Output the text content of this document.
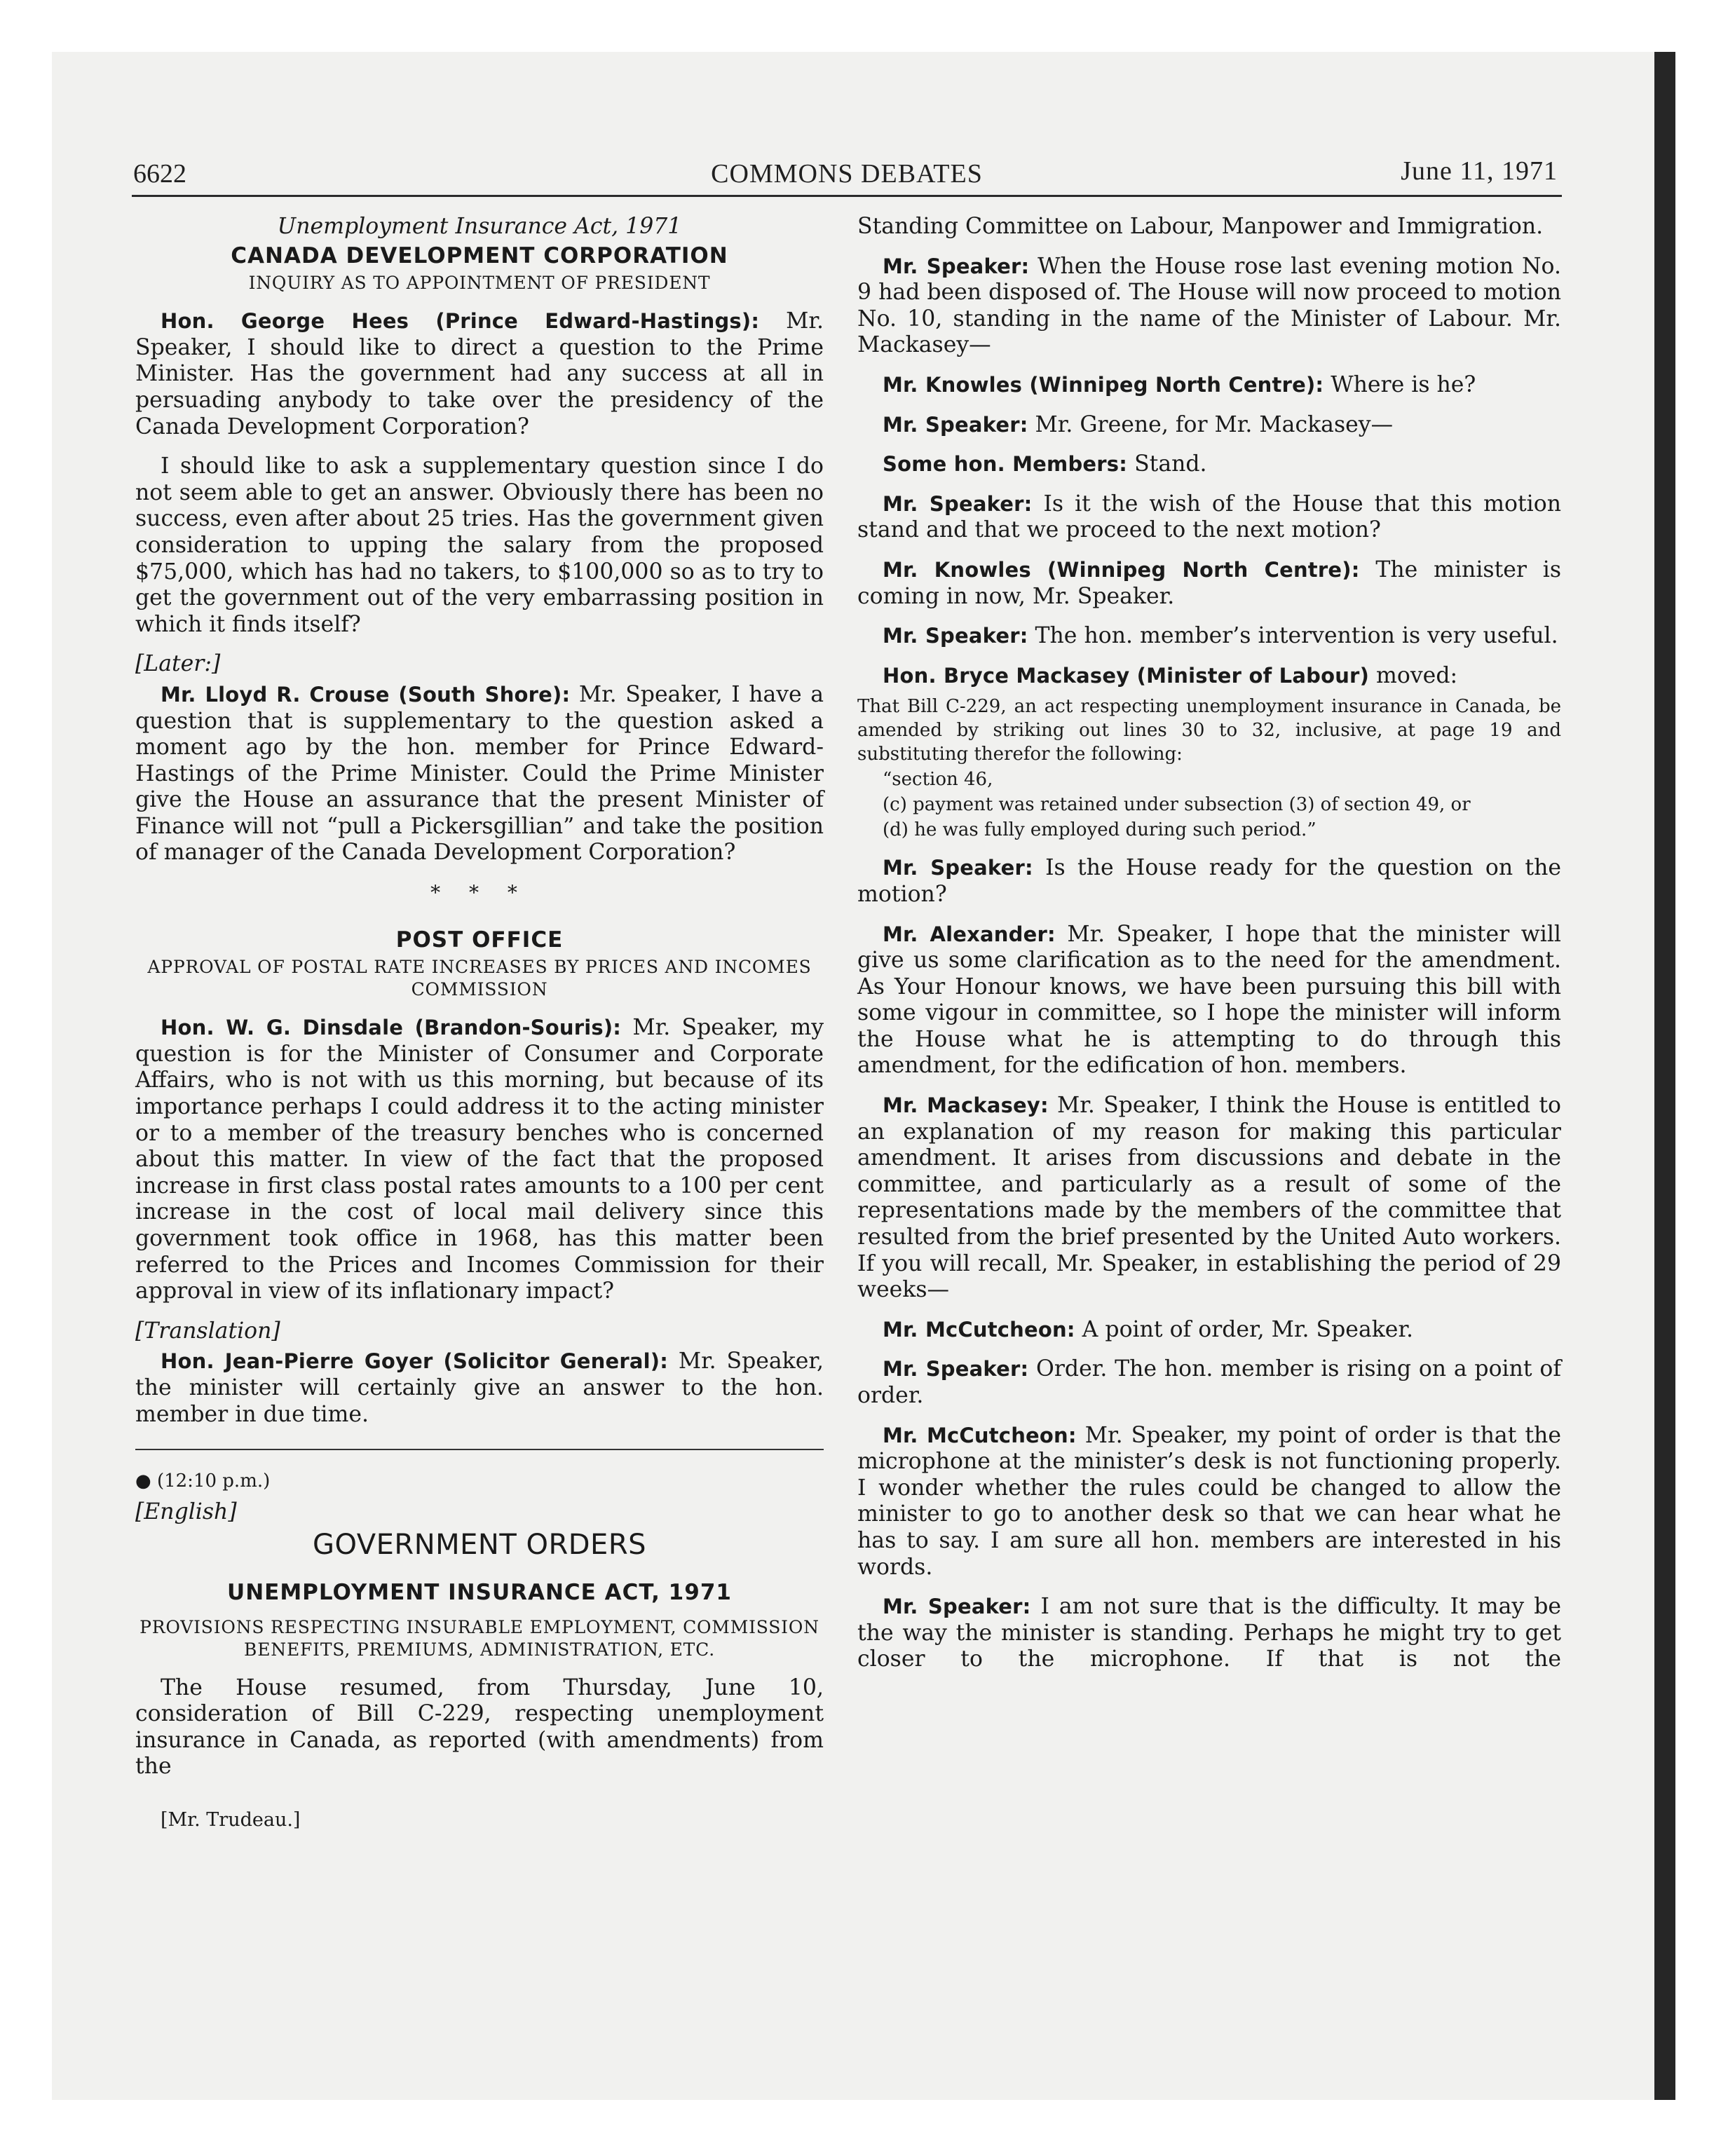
6622	COMMONS DEBATES	June 11, 1971
Unemployment Insurance Act, 1971
CANADA DEVELOPMENT CORPORATION
INQUIRY AS TO APPOINTMENT OF PRESIDENT

Hon. George Hees (Prince Edward-Hastings): Mr. Speaker, I should like to direct a question to the Prime Minister. Has the government had any success at all in persuading anybody to take over the presidency of the Canada Development Corporation?

I should like to ask a supplementary question since I do not seem able to get an answer. Obviously there has been no success, even after about 25 tries. Has the government given consideration to upping the salary from the proposed $75,000, which has had no takers, to $100,000 so as to try to get the government out of the very embarrassing position in which it finds itself?

[Later:]

Mr. Lloyd R. Crouse (South Shore): Mr. Speaker, I have a question that is supplementary to the question asked a moment ago by the hon. member for Prince Edward-Hastings of the Prime Minister. Could the Prime Minister give the House an assurance that the present Minister of Finance will not “pull a Pickersgillian” and take the position of manager of the Canada Development Corporation?

* * *
POST OFFICE
APPROVAL OF POSTAL RATE INCREASES BY PRICES AND INCOMES COMMISSION

Hon. W. G. Dinsdale (Brandon-Souris): Mr. Speaker, my question is for the Minister of Consumer and Corporate Affairs, who is not with us this morning, but because of its importance perhaps I could address it to the acting minister or to a member of the treasury benches who is concerned about this matter. In view of the fact that the proposed increase in first class postal rates amounts to a 100 per cent increase in the cost of local mail delivery since this government took office in 1968, has this matter been referred to the Prices and Incomes Commission for their approval in view of its inflationary impact?

[Translation]

Hon. Jean-Pierre Goyer (Solicitor General): Mr. Speaker, the minister will certainly give an answer to the hon. member in due time.

● (12:10 p.m.)
[English]
GOVERNMENT ORDERS
UNEMPLOYMENT INSURANCE ACT, 1971
PROVISIONS RESPECTING INSURABLE EMPLOYMENT, COMMISSION BENEFITS, PREMIUMS, ADMINISTRATION, ETC.

The House resumed, from Thursday, June 10, consideration of Bill C-229, respecting unemployment insurance in Canada, as reported (with amendments) from the

[Mr. Trudeau.]

Standing Committee on Labour, Manpower and Immigration.

Mr. Speaker: When the House rose last evening motion No. 9 had been disposed of. The House will now proceed to motion No. 10, standing in the name of the Minister of Labour. Mr. Mackasey—

Mr. Knowles (Winnipeg North Centre): Where is he?

Mr. Speaker: Mr. Greene, for Mr. Mackasey—

Some hon. Members: Stand.

Mr. Speaker: Is it the wish of the House that this motion stand and that we proceed to the next motion?

Mr. Knowles (Winnipeg North Centre): The minister is coming in now, Mr. Speaker.

Mr. Speaker: The hon. member’s intervention is very useful.

Hon. Bryce Mackasey (Minister of Labour) moved:

That Bill C-229, an act respecting unemployment insurance in Canada, be amended by striking out lines 30 to 32, inclusive, at page 19 and substituting therefor the following:
“section 46,
(c) payment was retained under subsection (3) of section 49, or
(d) he was fully employed during such period.”

Mr. Speaker: Is the House ready for the question on the motion?

Mr. Alexander: Mr. Speaker, I hope that the minister will give us some clarification as to the need for the amendment. As Your Honour knows, we have been pursuing this bill with some vigour in committee, so I hope the minister will inform the House what he is attempting to do through this amendment, for the edification of hon. members.

Mr. Mackasey: Mr. Speaker, I think the House is entitled to an explanation of my reason for making this particular amendment. It arises from discussions and debate in the committee, and particularly as a result of some of the representations made by the members of the committee that resulted from the brief presented by the United Auto workers. If you will recall, Mr. Speaker, in establishing the period of 29 weeks—

Mr. McCutcheon: A point of order, Mr. Speaker.

Mr. Speaker: Order. The hon. member is rising on a point of order.

Mr. McCutcheon: Mr. Speaker, my point of order is that the microphone at the minister’s desk is not functioning properly. I wonder whether the rules could be changed to allow the minister to go to another desk so that we can hear what he has to say. I am sure all hon. members are interested in his words.

Mr. Speaker: I am not sure that is the difficulty. It may be the way the minister is standing. Perhaps he might try to get closer to the microphone. If that is not the
